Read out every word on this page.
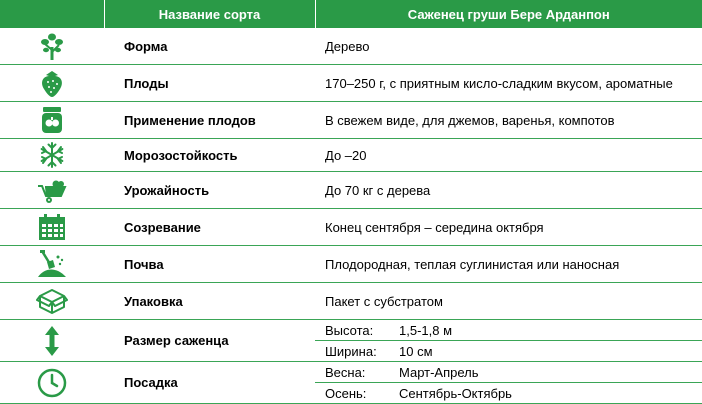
	Название сорта	Саженец груши Бере Арданпон

	Форма	Дерево

	Плоды	170–250 г, с приятным кисло-сладким вкусом, ароматные

	Применение плодов	В свежем виде, для джемов, варенья, компотов

	Морозостойкость	До –20

	Урожайность	До 70 кг с дерева

	Созревание	Конец сентября – середина октября

	Почва	Плодородная, теплая суглинистая или наносная

	Упаковка	Пакет с субстратом

	Размер саженца	Высота: 1,5-1,8 м
Ширина: 10 см

	Посадка	Весна: Март-Апрель
Осень: Сентябрь-Октябрь
